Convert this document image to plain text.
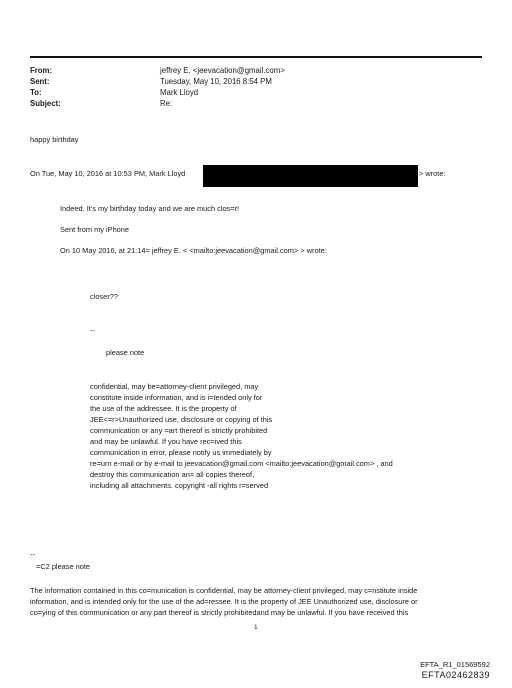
From:	jeffrey E. <jeevacation@gmail.com>
Sent:	Tuesday, May 10, 2016 8:54 PM
To:	Mark Lloyd
Subject:	Re:
happy birthday
On Tue, May 10, 2016 at 10:53 PM, Mark Lloyd	> wrote:
Indeed. It's my birthday today and we are much clos=r!
Sent from my iPhone
On 10 May 2016, at 21:14= jeffrey E. < <mailto:jeevacation@gmail.com> > wrote:
closer??
--
please note
confidential, may be=attorney-client privileged, may
constitute inside information, and is i=tended only for
the use of the addressee. It is the property of
JEE<=r>Unauthorized use, disclosure or copying of this
communication or any =art thereof is strictly prohibited
and may be unlawful. If you have rec=ived this
communication in error, please notify us immediately by
re=urn e-mail or by e-mail to jeevacation@gmail.com <mailto:jeevacation@gmail.com> , and
destroy this communication an= all copies thereof,
including all attachments. copyright -all rights r=served
--
=C2 please note
The information contained in this co=munication is confidential, may be attorney-client privileged, may c=nstitute inside
information, and is intended only for the use of the ad=ressee. It is the property of JEE Unauthorized use, disclosure or
co=ying of this communication or any part thereof is strictly prohibitedand may be unlawful. If you have received this
1
EFTA_R1_01569592
EFTA02462839
